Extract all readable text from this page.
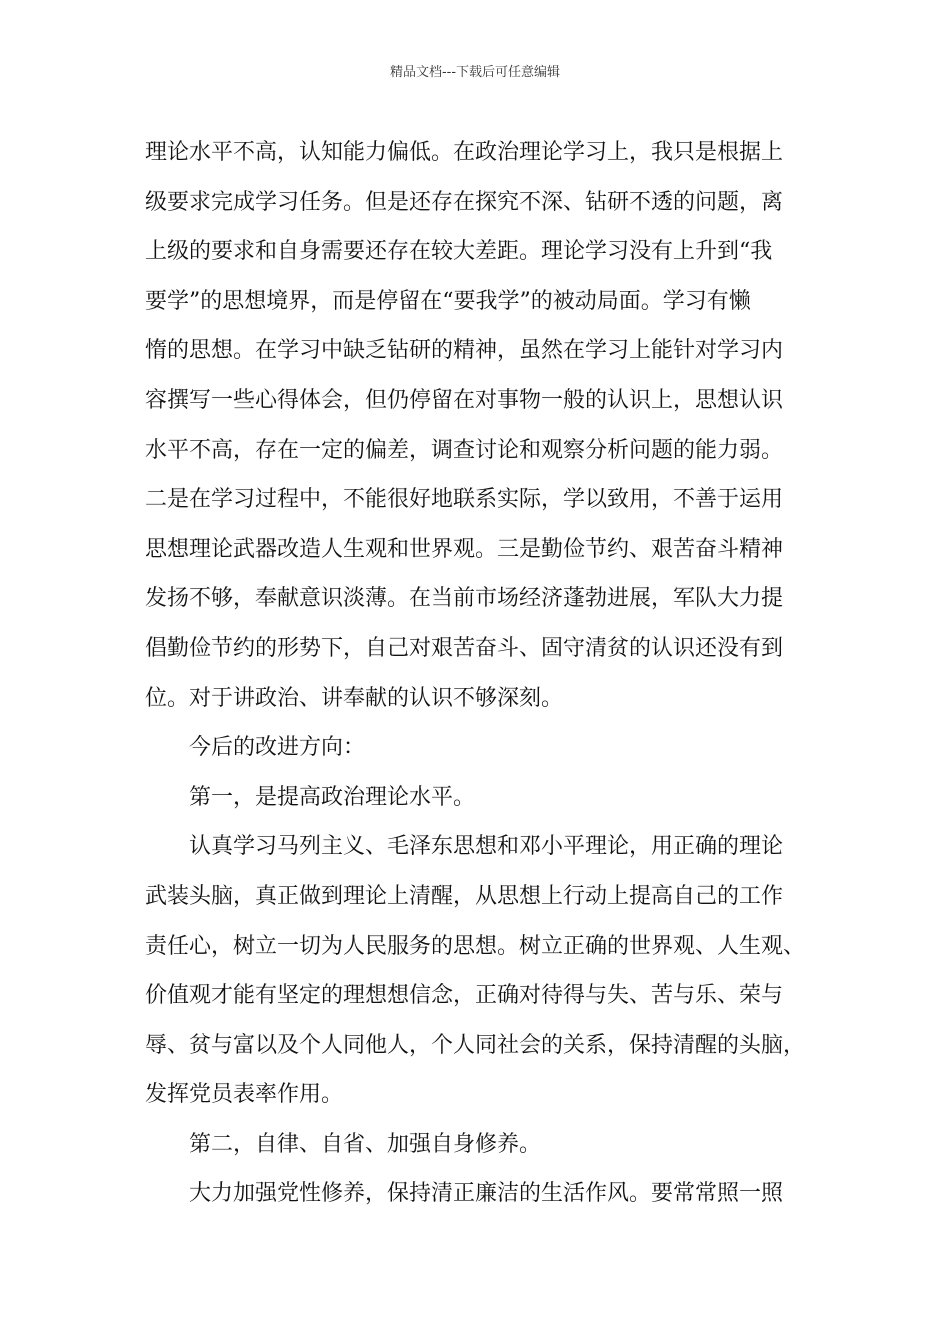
精品文档---下载后可任意编辑
理论水平不高，认知能力偏低。在政治理论学习上，我只是根据上
级要求完成学习任务。但是还存在探究不深、钻研不透的问题，离
上级的要求和自身需要还存在较大差距。理论学习没有上升到“我
要学”的思想境界，而是停留在“要我学”的被动局面。学习有懒
惰的思想。在学习中缺乏钻研的精神，虽然在学习上能针对学习内
容撰写一些心得体会，但仍停留在对事物一般的认识上，思想认识
水平不高，存在一定的偏差，调查讨论和观察分析问题的能力弱。
二是在学习过程中，不能很好地联系实际，学以致用，不善于运用
思想理论武器改造人生观和世界观。三是勤俭节约、艰苦奋斗精神
发扬不够，奉献意识淡薄。在当前市场经济蓬勃进展，军队大力提
倡勤俭节约的形势下，自己对艰苦奋斗、固守清贫的认识还没有到
位。对于讲政治、讲奉献的认识不够深刻。
今后的改进方向：
第一，是提高政治理论水平。
认真学习马列主义、毛泽东思想和邓小平理论，用正确的理论
武装头脑，真正做到理论上清醒，从思想上行动上提高自己的工作
责任心，树立一切为人民服务的思想。树立正确的世界观、人生观、
价值观才能有坚定的理想想信念，正确对待得与失、苦与乐、荣与
辱、贫与富以及个人同他人，个人同社会的关系，保持清醒的头脑，
发挥党员表率作用。
第二，自律、自省、加强自身修养。
大力加强党性修养，保持清正廉洁的生活作风。要常常照一照
